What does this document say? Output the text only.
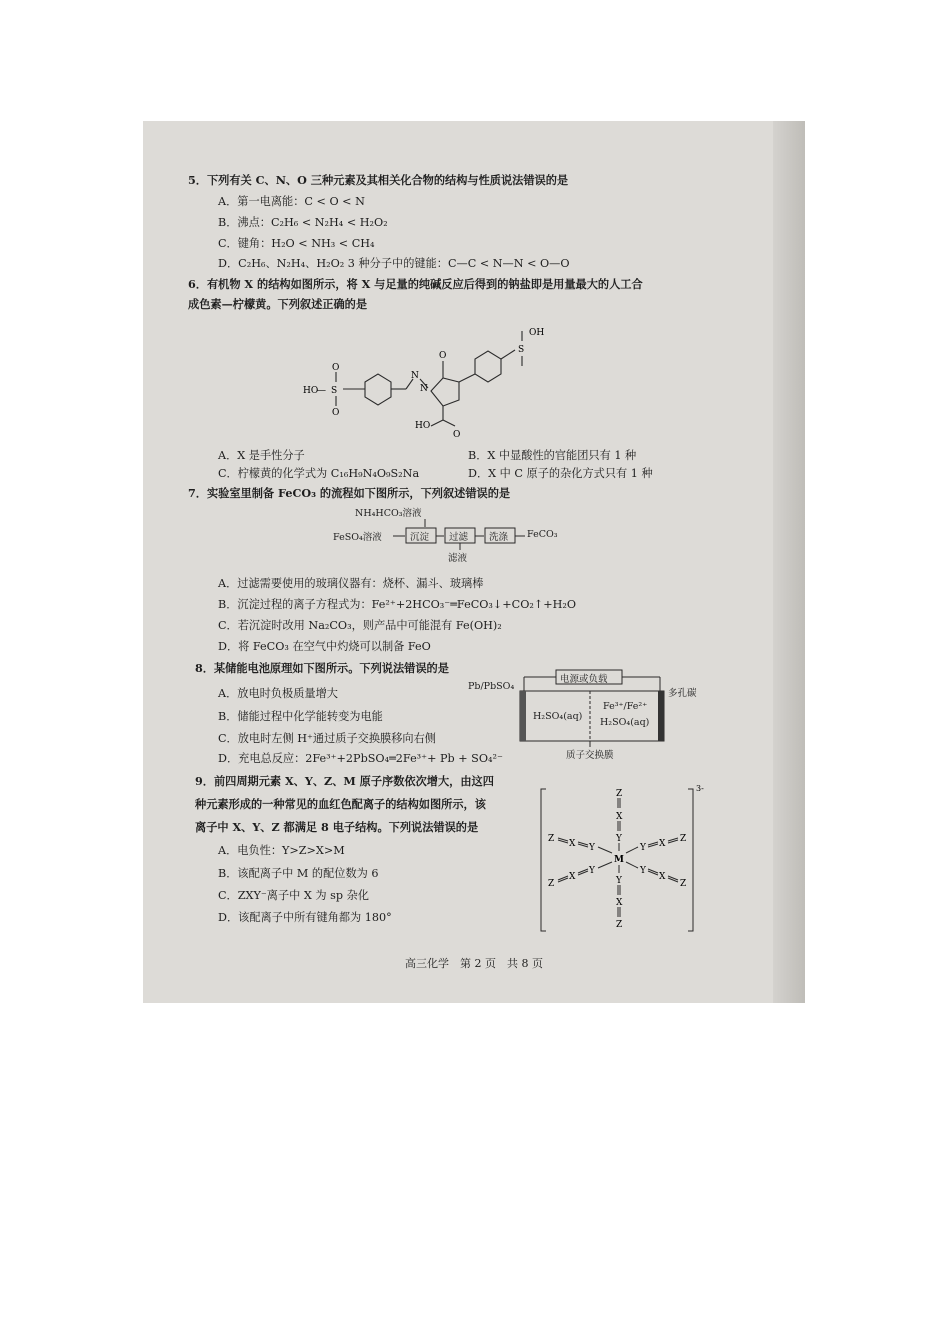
5．下列有关 C、N、O 三种元素及其相关化合物的结构与性质说法错误的是
A．第一电离能：C < O < N
B．沸点：C₂H₆ < N₂H₄ < H₂O₂
C．键角：H₂O < NH₃ < CH₄
D．C₂H₆、N₂H₄、H₂O₂ 3 种分子中的键能：C—C < N—N < O—O
6．有机物 X 的结构如图所示，将 X 与足量的纯碱反应后得到的钠盐即是用量最大的人工合
成色素—柠檬黄。下列叙述正确的是
HO
— S
O
O
N
N
O
HO
O
S
OH
A．X 是手性分子	B．X 中显酸性的官能团只有 1 种
C．柠檬黄的化学式为 C₁₆H₉N₄O₉S₂Na	D．X 中 C 原子的杂化方式只有 1 种
7．实验室里制备 FeCO₃ 的流程如下图所示，下列叙述错误的是
NH₄HCO₃溶液
FeSO₄溶液	沉淀 过滤 洗涤 FeCO₃
滤液
A．过滤需要使用的玻璃仪器有：烧杯、漏斗、玻璃棒
B．沉淀过程的离子方程式为：Fe²⁺+2HCO₃⁻═FeCO₃↓+CO₂↑+H₂O
C．若沉淀时改用 Na₂CO₃，则产品中可能混有 Fe(OH)₂
D．将 FeCO₃ 在空气中灼烧可以制备 FeO
8．某储能电池原理如下图所示。下列说法错误的是
A．放电时负极质量增大
B．储能过程中化学能转变为电能
C．放电时左侧 H⁺通过质子交换膜移向右侧
D．充电总反应：2Fe³⁺+2PbSO₄═2Fe³⁺+ Pb + SO₄²⁻
电源或负载
Pb/PbSO₄
多孔碳
H₂SO₄(aq)
Fe³⁺/Fe²⁺
H₂SO₄(aq)
质子交换膜
9．前四周期元素 X、Y、Z、M 原子序数依次增大，由这四
种元素形成的一种常见的血红色配离子的结构如图所示，该
离子中 X、Y、Z 都满足 8 电子结构。下列说法错误的是
A．电负性：Y>Z>X>M
B．该配离子中 M 的配位数为 6
C．ZXY⁻离子中 X 为 sp 杂化
D．该配离子中所有键角都为 180°
Z
X
Y
M
Y
X
Z
Z X Y
Z
X
Y
Y X Z
Y
X
Z
3-
高三化学　第 2 页　共 8 页
